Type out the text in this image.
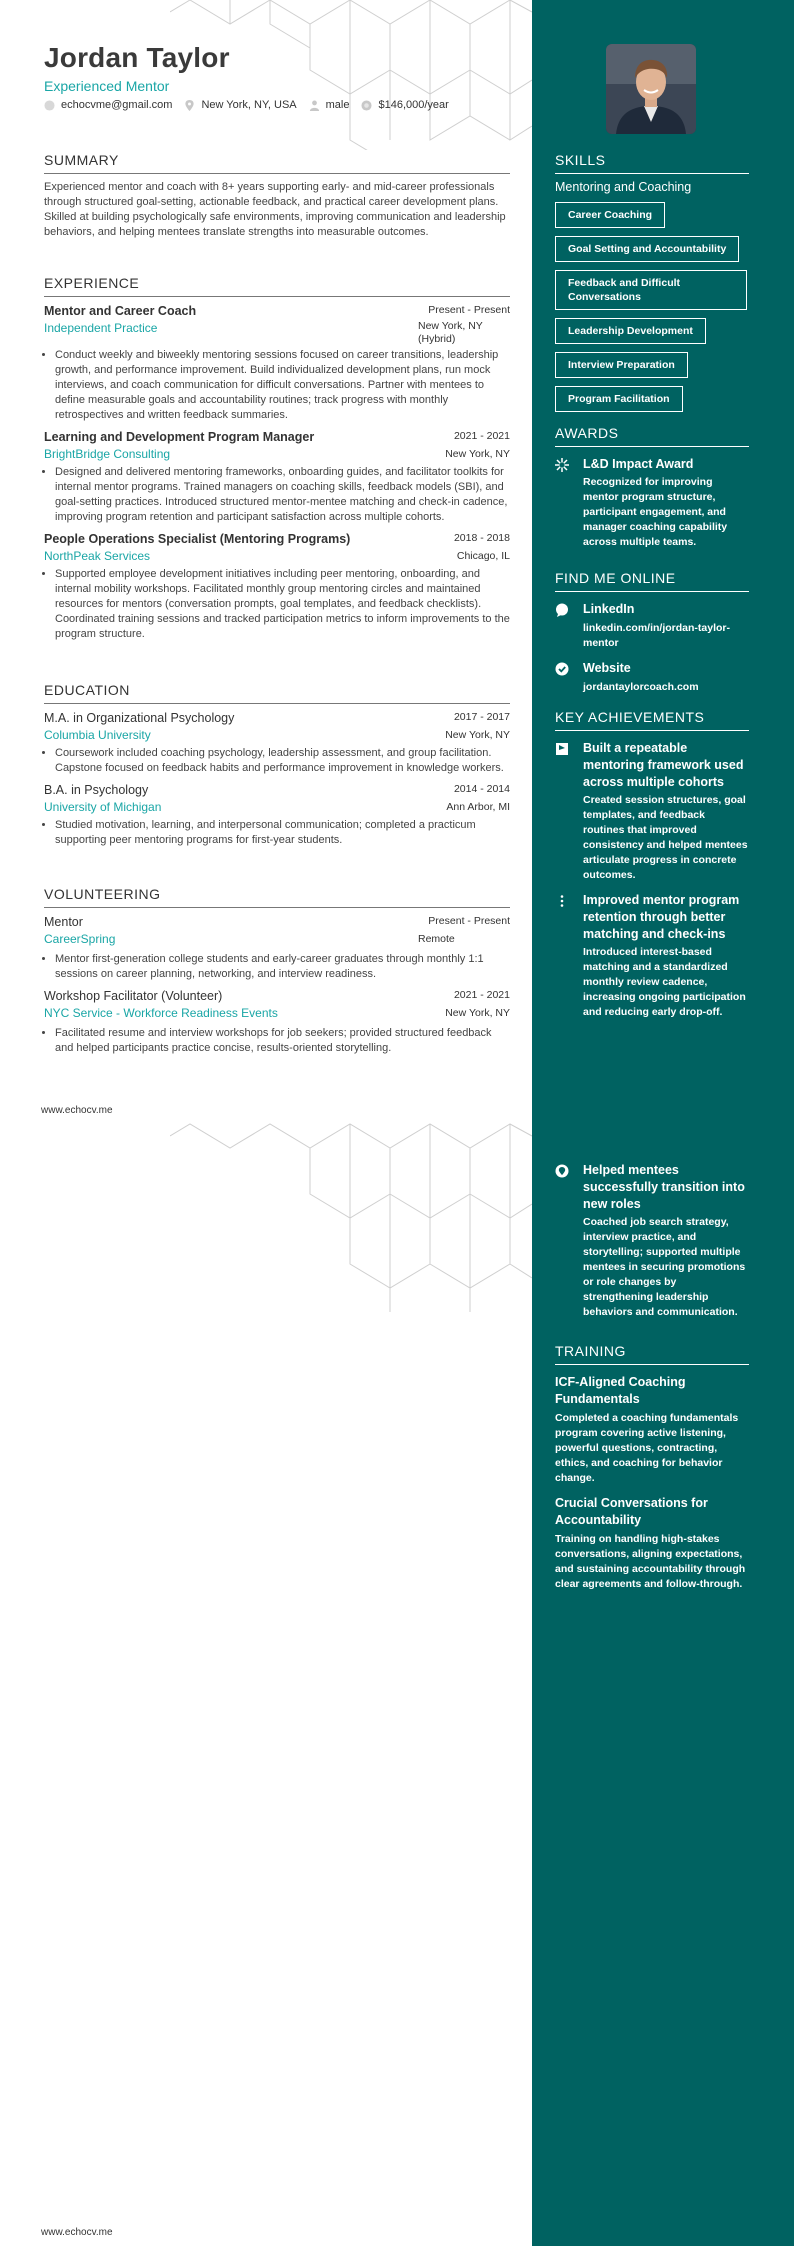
Jordan Taylor
Experienced Mentor
echocvme@gmail.com	New York, NY, USA	male	$146,000/year
SUMMARY
Experienced mentor and coach with 8+ years supporting early- and mid-career professionals through structured goal-setting, actionable feedback, and practical career development plans. Skilled at building psychologically safe environments, improving communication and leadership behaviors, and helping mentees translate strengths into measurable outcomes.
EXPERIENCE
Mentor and Career Coach	Present - Present
Independent Practice	New York, NY (Hybrid)
• Conduct weekly and biweekly mentoring sessions focused on career transitions, leadership growth, and performance improvement. Build individualized development plans, run mock interviews, and coach communication for difficult conversations. Partner with mentees to define measurable goals and accountability routines; track progress with monthly retrospectives and written feedback summaries.
Learning and Development Program Manager	2021 - 2021
BrightBridge Consulting	New York, NY
• Designed and delivered mentoring frameworks, onboarding guides, and facilitator toolkits for internal mentor programs. Trained managers on coaching skills, feedback models (SBI), and goal-setting practices. Introduced structured mentor-mentee matching and check-in cadence, improving program retention and participant satisfaction across multiple cohorts.
People Operations Specialist (Mentoring Programs)	2018 - 2018
NorthPeak Services	Chicago, IL
• Supported employee development initiatives including peer mentoring, onboarding, and internal mobility workshops. Facilitated monthly group mentoring circles and maintained resources for mentors (conversation prompts, goal templates, and feedback checklists). Coordinated training sessions and tracked participation metrics to inform improvements to the program structure.
EDUCATION
M.A. in Organizational Psychology	2017 - 2017
Columbia University	New York, NY
• Coursework included coaching psychology, leadership assessment, and group facilitation. Capstone focused on feedback habits and performance improvement in knowledge workers.
B.A. in Psychology	2014 - 2014
University of Michigan	Ann Arbor, MI
• Studied motivation, learning, and interpersonal communication; completed a practicum supporting peer mentoring programs for first-year students.
VOLUNTEERING
Mentor	Present - Present
CareerSpring	Remote
• Mentor first-generation college students and early-career graduates through monthly 1:1 sessions on career planning, networking, and interview readiness.
Workshop Facilitator (Volunteer)	2021 - 2021
NYC Service - Workforce Readiness Events	New York, NY
• Facilitated resume and interview workshops for job seekers; provided structured feedback and helped participants practice concise, results-oriented storytelling.
www.echocv.me
www.echocv.me
SKILLS
Mentoring and Coaching
Career Coaching
Goal Setting and Accountability
Feedback and Difficult Conversations
Leadership Development
Interview Preparation
Program Facilitation
AWARDS
L&D Impact Award
Recognized for improving mentor program structure, participant engagement, and manager coaching capability across multiple teams.
FIND ME ONLINE
LinkedIn
linkedin.com/in/jordan-taylor-mentor
Website
jordantaylorcoach.com
KEY ACHIEVEMENTS
Built a repeatable mentoring framework used across multiple cohorts
Created session structures, goal templates, and feedback routines that improved consistency and helped mentees articulate progress in concrete outcomes.
Improved mentor program retention through better matching and check-ins
Introduced interest-based matching and a standardized monthly review cadence, increasing ongoing participation and reducing early drop-off.
Helped mentees successfully transition into new roles
Coached job search strategy, interview practice, and storytelling; supported multiple mentees in securing promotions or role changes by strengthening leadership behaviors and communication.
TRAINING
ICF-Aligned Coaching Fundamentals
Completed a coaching fundamentals program covering active listening, powerful questions, contracting, ethics, and coaching for behavior change.
Crucial Conversations for Accountability
Training on handling high-stakes conversations, aligning expectations, and sustaining accountability through clear agreements and follow-through.
